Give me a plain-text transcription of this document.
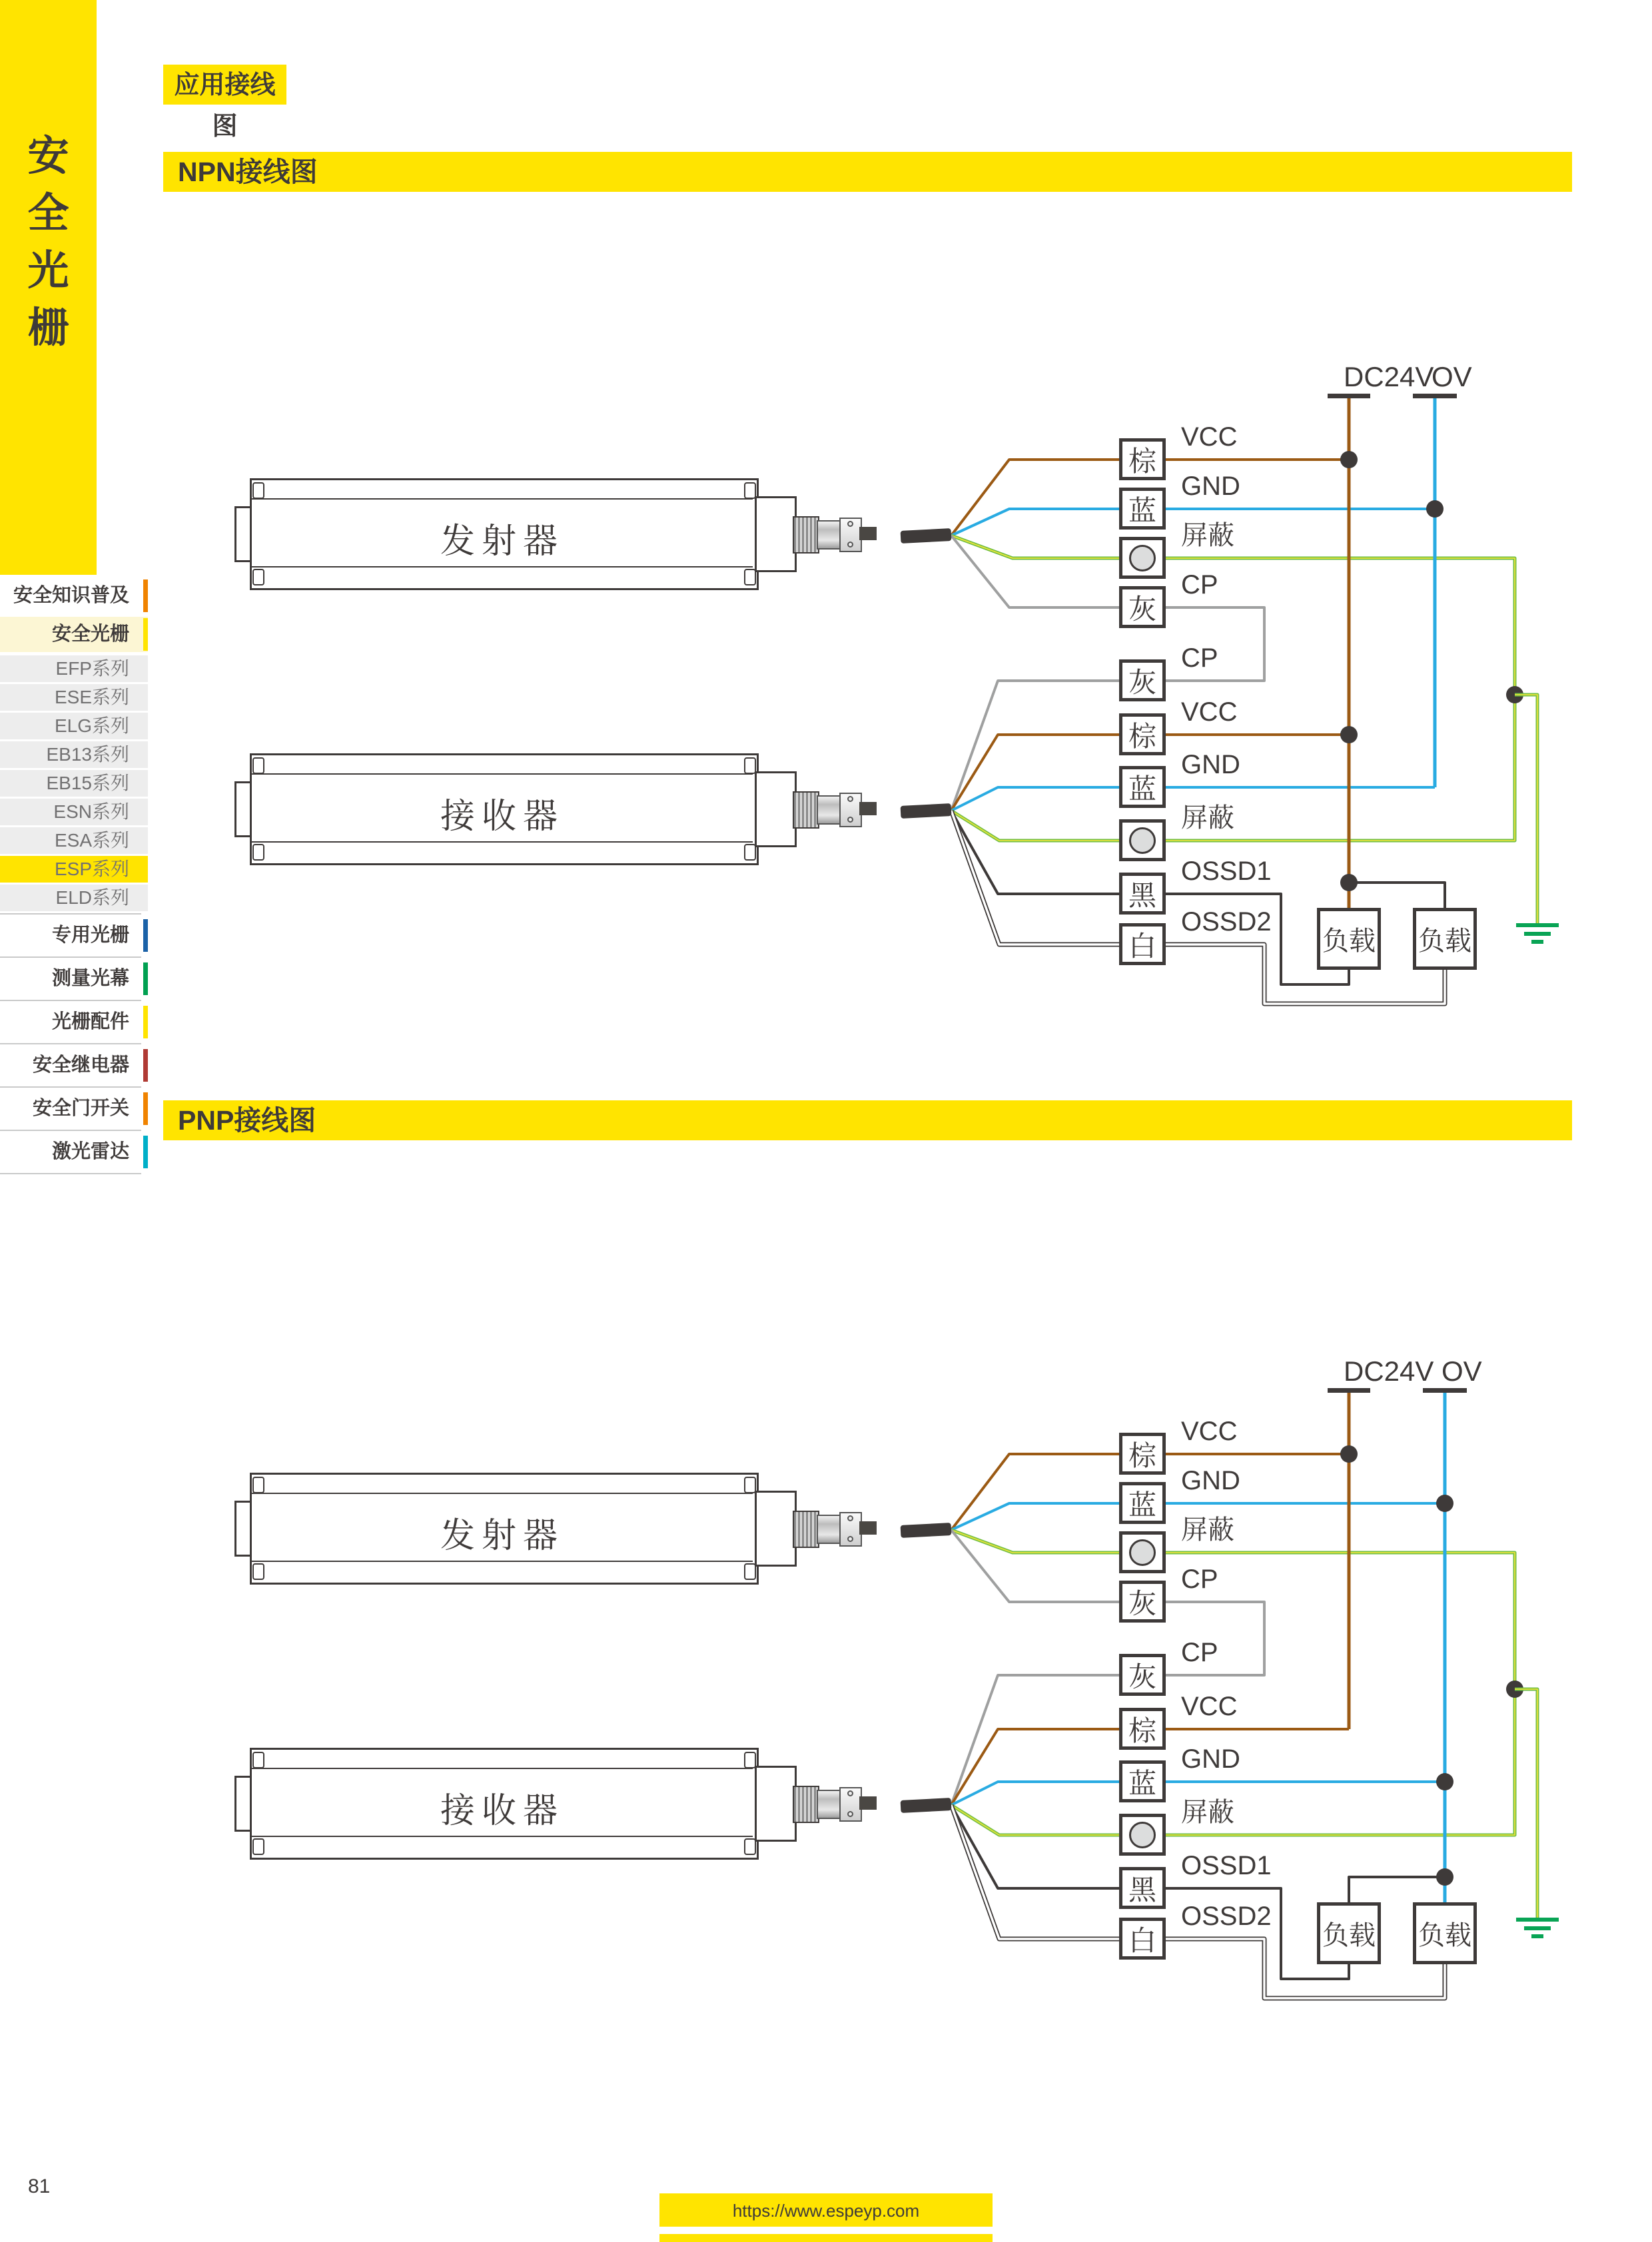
安
全
光
栅
安全知识普及
安全光栅
EFP系列
ESE系列
ELG系列
EB13系列
EB15系列
ESN系列
ESA系列
ESP系列
ELD系列
专用光栅
测量光幕
光栅配件
安全继电器
安全门开关
激光雷达
应用接线图
NPN接线图
PNP接线图
发射器
接收器
棕
VCC
蓝
GND
屏蔽
灰
CP
灰
CP
棕
VCC
蓝
GND
屏蔽
黑
OSSD1
白
OSSD2
DC24V
OV
负载 负载
发射器
接收器
棕
VCC
蓝
GND
屏蔽
灰
CP
灰
CP
棕
VCC
蓝
GND
屏蔽
黑
OSSD1
白
OSSD2
DC24V OV
负载 负载
81
https://www.espeyp.com
